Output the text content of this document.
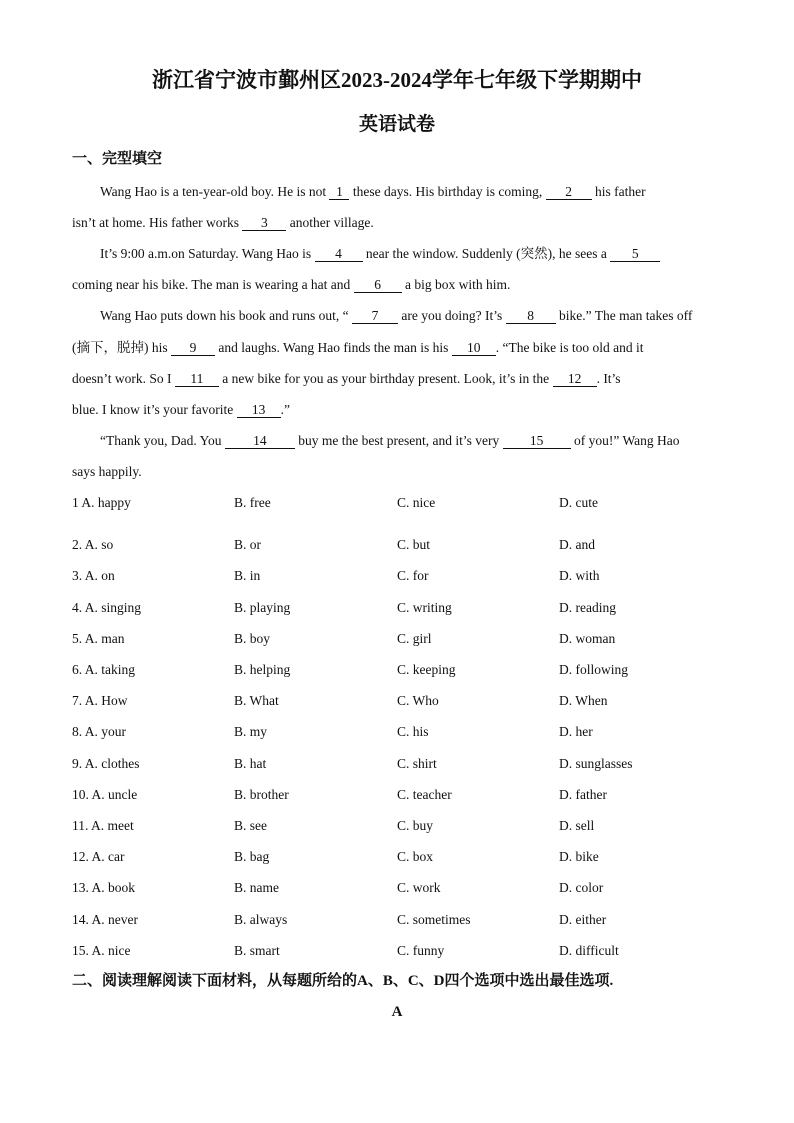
浙江省宁波市鄞州区2023-2024学年七年级下学期期中
英语试卷
一、完型填空
Wang Hao is a ten-year-old boy. He is not 1 these days. His birthday is coming, 2 his father
isn’t at home. His father works 3 another village.
It’s 9:00 a.m.on Saturday. Wang Hao is 4 near the window. Suddenly (突然), he sees a 5
coming near his bike. The man is wearing a hat and 6 a big box with him.
Wang Hao puts down his book and runs out, “ 7 are you doing? It’s 8 bike.” The man takes off
(摘下，脱掉) his 9 and laughs. Wang Hao finds the man is his 10 . “The bike is too old and it
doesn’t work. So I 11 a new bike for you as your birthday present. Look, it’s in the 12 . It’s
blue. I know it’s your favorite 13 .”
“Thank you, Dad. You 14 buy me the best present, and it’s very 15 of you!” Wang Hao
says happily.
1 A. happy	B. free	C. nice	D. cute
2. A. so	B. or	C. but	D. and
3. A. on	B. in	C. for	D. with
4. A. singing	B. playing	C. writing	D. reading
5. A. man	B. boy	C. girl	D. woman
6. A. taking	B. helping	C. keeping	D. following
7. A. How	B. What	C. Who	D. When
8. A. your	B. my	C. his	D. her
9. A. clothes	B. hat	C. shirt	D. sunglasses
10. A. uncle	B. brother	C. teacher	D. father
11. A. meet	B. see	C. buy	D. sell
12. A. car	B. bag	C. box	D. bike
13. A. book	B. name	C. work	D. color
14. A. never	B. always	C. sometimes	D. either
15. A. nice	B. smart	C. funny	D. difficult
二、阅读理解阅读下面材料，从每题所给的A、B、C、D四个选项中选出最佳选项.
A
